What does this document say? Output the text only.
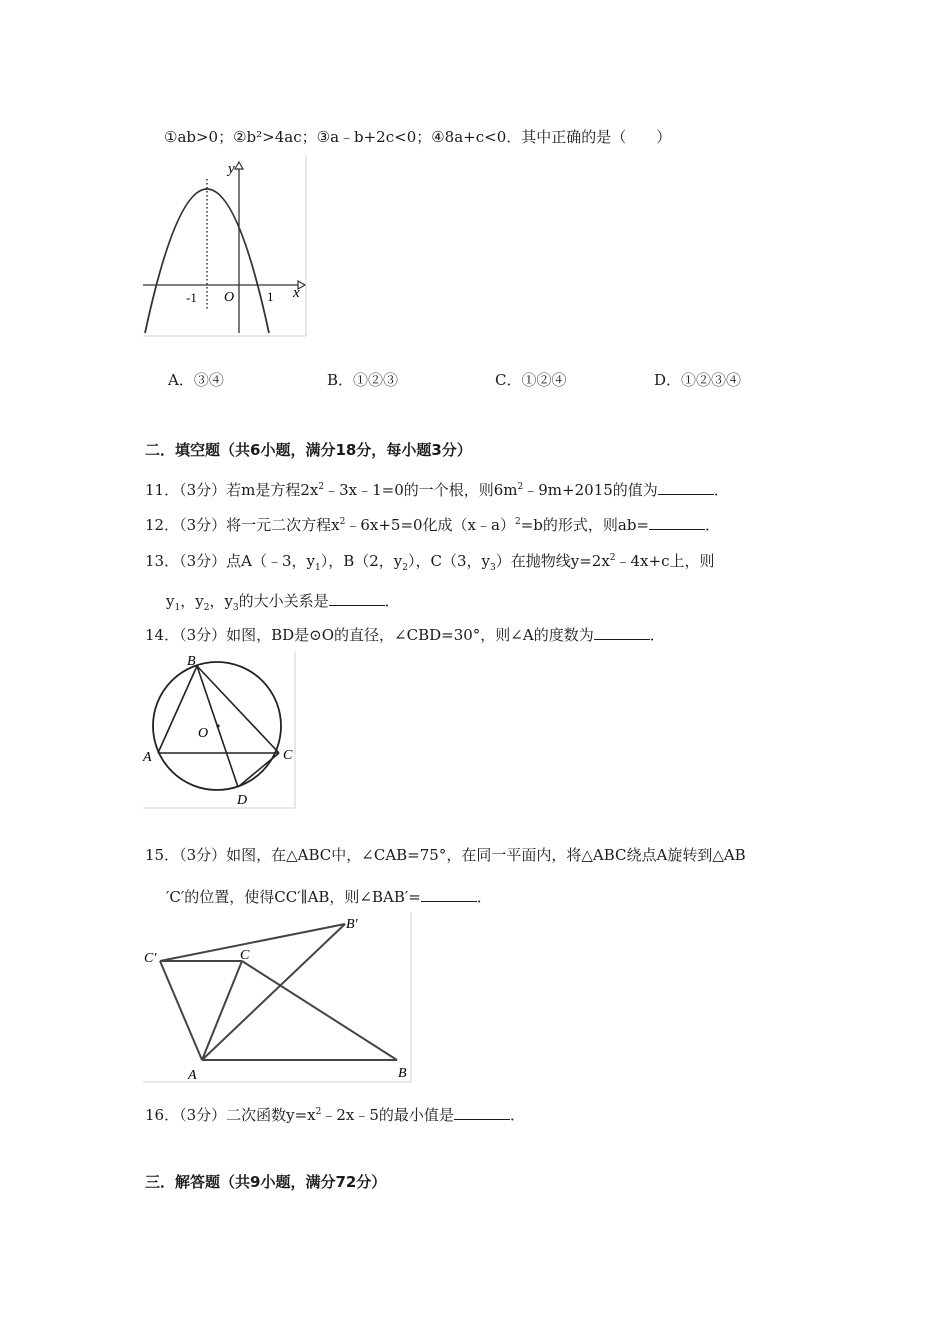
①ab>0；②b²>4ac；③a﹣b+2c<0；④8a+c<0．其中正确的是（　　）
y
x
O
-1	1
A．③④	B．①②③	C．①②④	D．①②③④
二．填空题（共6小题，满分18分，每小题3分）
11．（3分）若m是方程$2x^2﹣3x﹣1=0$的一个根，则$6m^2﹣9m+2015$的值为	．
12．（3分）将一元二次方程$x^2﹣6x+5=0$化成（x﹣a）$^2$=b的形式，则ab=	．
13．（3分）点A（﹣3，$y_1$），B（2，$y_2$），C（3，$y_3$）在抛物线$y=2x^2﹣4x+c$上，则
$y_1$，$y_2$，$y_3$的大小关系是	．
14．（3分）如图，BD是⊙O的直径，∠CBD=30°，则∠A的度数为	．
B
O
A	C
D
15．（3分）如图，在△ABC中，∠CAB=75°，在同一平面内，将△ABC绕点A旋转到△AB
′C′的位置，使得CC′∥AB，则∠BAB′=	．
C′	C
B′
A	B
16．（3分）二次函数$y=x^2﹣2x﹣5$的最小值是	．
三．解答题（共9小题，满分72分）
